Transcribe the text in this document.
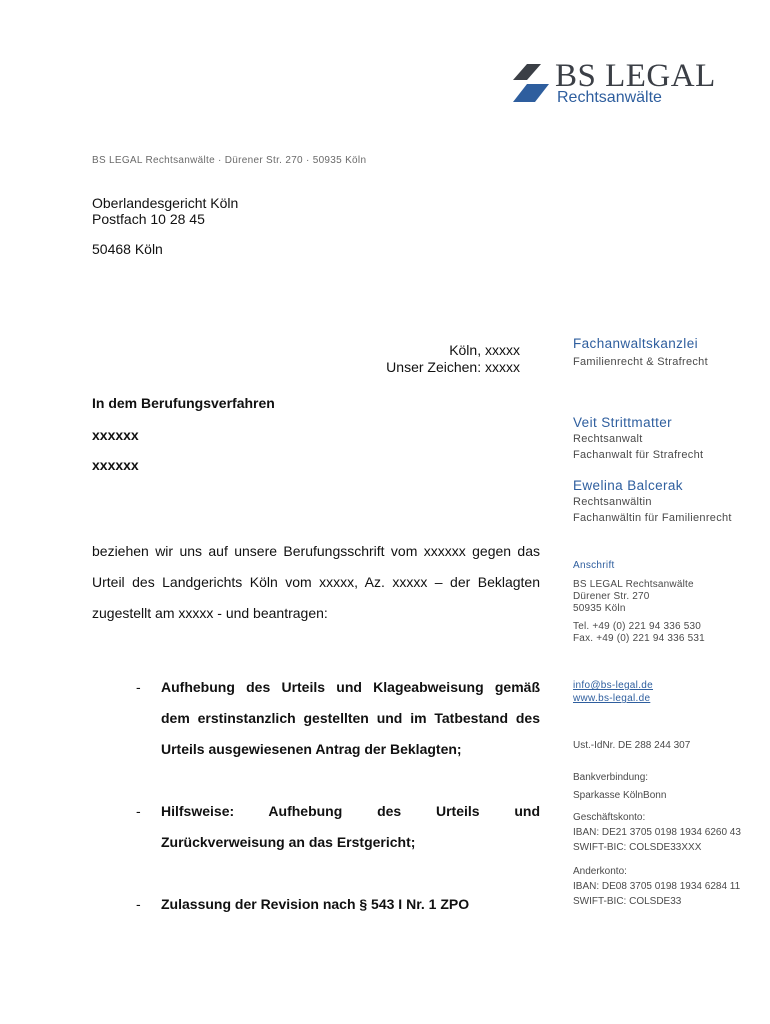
BS LEGAL
Rechtsanwälte
BS LEGAL Rechtsanwälte · Dürener Str. 270 · 50935 Köln
Oberlandesgericht Köln
Postfach 10 28 45
50468 Köln
Köln, xxxxx
Unser Zeichen: xxxxx
In dem Berufungsverfahren
xxxxxx
xxxxxx
beziehen wir uns auf unsere Berufungsschrift vom xxxxxx gegen das
Urteil des Landgerichts Köln vom xxxxx, Az. xxxxx – der Beklagten
zugestellt am xxxxx - und beantragen:
- Aufhebung des Urteils und Klageabweisung gemäß
dem erstinstanzlich gestellten und im Tatbestand des
Urteils ausgewiesenen Antrag der Beklagten;
- Hilfsweise: Aufhebung des Urteils und
Zurückverweisung an das Erstgericht;
- Zulassung der Revision nach § 543 I Nr. 1 ZPO
Fachanwaltskanzlei
Familienrecht & Strafrecht
Veit Strittmatter
Rechtsanwalt
Fachanwalt für Strafrecht
Ewelina Balcerak
Rechtsanwältin
Fachanwältin für Familienrecht
Anschrift
BS LEGAL Rechtsanwälte
Dürener Str. 270
50935 Köln
Tel. +49 (0) 221 94 336 530
Fax. +49 (0) 221 94 336 531
info@bs-legal.de
www.bs-legal.de
Ust.-IdNr. DE 288 244 307
Bankverbindung:
Sparkasse KölnBonn
Geschäftskonto:
IBAN: DE21 3705 0198 1934 6260 43
SWIFT-BIC: COLSDE33XXX
Anderkonto:
IBAN: DE08 3705 0198 1934 6284 11
SWIFT-BIC: COLSDE33
